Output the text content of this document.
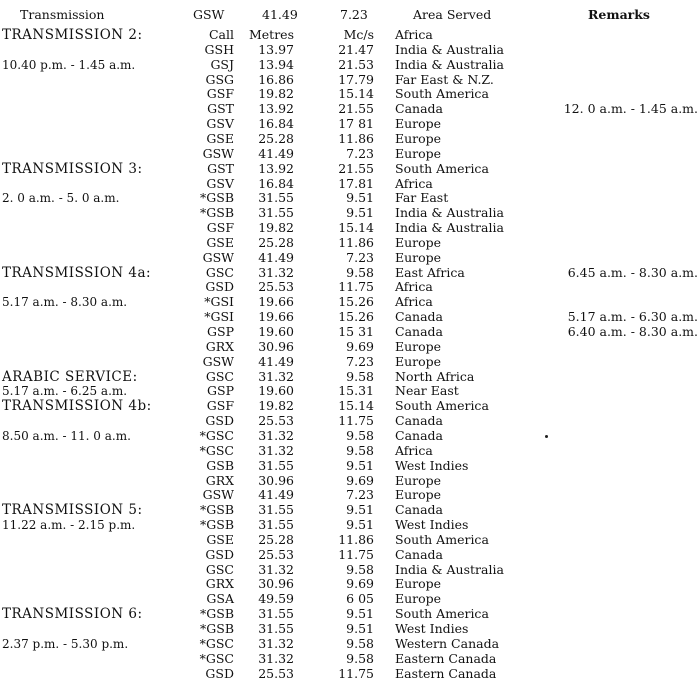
Transmission	GSW	41.49	7.23	Area Served	Remarks
TRANSMISSION 2:	Call	Metres	Mc/s Africa
GSH	13.97	21.47 India & Australia
10.40 p.m. - 1.45 a.m.	GSJ	13.94	21.53 India & Australia
GSG	16.86	17.79 Far East & N.Z.
GSF	19.82	15.14 South America
GST	13.92	21.55 Canada	12. 0 a.m. - 1.45 a.m.
GSV	16.84	17 81 Europe
GSE	25.28	11.86 Europe
GSW	41.49	7.23 Europe
TRANSMISSION 3:	GST	13.92	21.55 South America
GSV	16.84	17.81 Africa
2. 0 a.m. - 5. 0 a.m.	*GSB	31.55	9.51 Far East
*GSB	31.55	9.51 India & Australia
GSF	19.82	15.14 India & Australia
GSE	25.28	11.86 Europe
GSW	41.49	7.23 Europe
TRANSMISSION 4a:	GSC	31.32	9.58 East Africa	6.45 a.m. - 8.30 a.m.
GSD	25.53	11.75 Africa
5.17 a.m. - 8.30 a.m.	*GSI	19.66	15.26 Africa
*GSI	19.66	15.26 Canada	5.17 a.m. - 6.30 a.m.
GSP	19.60	15 31 Canada	6.40 a.m. - 8.30 a.m.
GRX	30.96	9.69 Europe
GSW	41.49	7.23 Europe
ARABIC SERVICE:	GSC	31.32	9.58 North Africa
5.17 a.m. - 6.25 a.m.	GSP	19.60	15.31 Near East
TRANSMISSION 4b:	GSF	19.82	15.14 South America
GSD	25.53	11.75 Canada
8.50 a.m. - 11. 0 a.m.	*GSC	31.32	9.58 Canada
*GSC	31.32	9.58 Africa
GSB	31.55	9.51 West Indies
GRX	30.96	9.69 Europe
GSW	41.49	7.23 Europe
TRANSMISSION 5:	*GSB	31.55	9.51 Canada
11.22 a.m. - 2.15 p.m.	*GSB	31.55	9.51 West Indies
GSE	25.28	11.86 South America
GSD	25.53	11.75 Canada
GSC	31.32	9.58 India & Australia
GRX	30.96	9.69 Europe
GSA	49.59	6 05 Europe
TRANSMISSION 6:	*GSB	31.55	9.51 South America
*GSB	31.55	9.51 West Indies
2.37 p.m. - 5.30 p.m.	*GSC	31.32	9.58 Western Canada
*GSC	31.32	9.58 Eastern Canada
GSD	25.53	11.75 Eastern Canada
